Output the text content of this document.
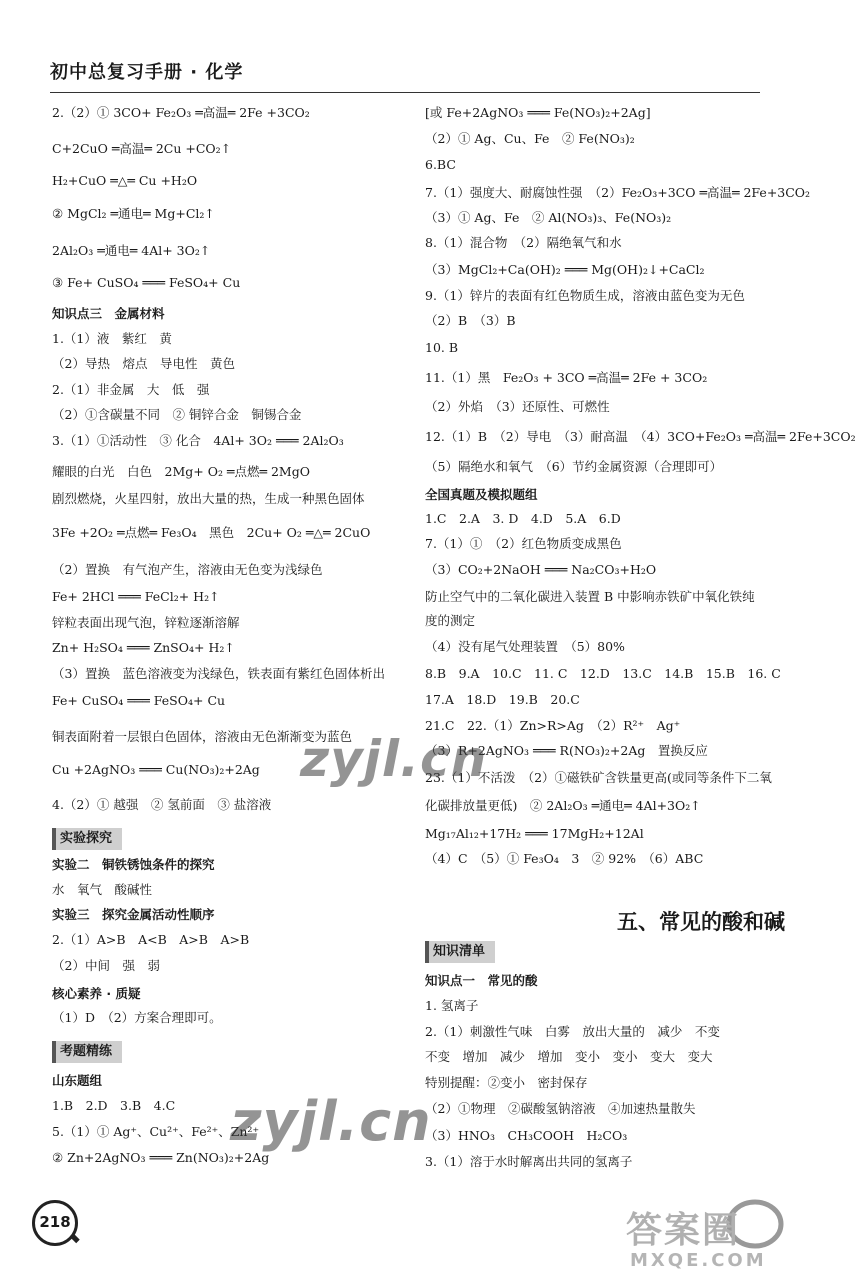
初中总复习手册 · 化学
2.（2）① 3CO+ Fe₂O₃ ═高温═ 2Fe +3CO₂
C+2CuO ═高温═ 2Cu +CO₂↑
H₂+CuO ═△═ Cu +H₂O
② MgCl₂ ═通电═ Mg+Cl₂↑
2Al₂O₃ ═通电═ 4Al+ 3O₂↑
③ Fe+ CuSO₄ ═══ FeSO₄+ Cu
知识点三　金属材料
1.（1）液　紫红　黄
（2）导热　熔点　导电性　黄色
2.（1）非金属　大　低　强
（2）①含碳量不同　② 铜锌合金　铜锡合金
3.（1）①活动性　③ 化合　4Al+ 3O₂ ═══ 2Al₂O₃
耀眼的白光　白色　2Mg+ O₂ ═点燃═ 2MgO
剧烈燃烧，火星四射，放出大量的热，生成一种黑色固体
3Fe +2O₂ ═点燃═ Fe₃O₄　黑色　2Cu+ O₂ ═△═ 2CuO
（2）置换　有气泡产生，溶液由无色变为浅绿色
Fe+ 2HCl ═══ FeCl₂+ H₂↑
锌粒表面出现气泡，锌粒逐渐溶解
Zn+ H₂SO₄ ═══ ZnSO₄+ H₂↑
（3）置换　蓝色溶液变为浅绿色，铁表面有紫红色固体析出
Fe+ CuSO₄ ═══ FeSO₄+ Cu
铜表面附着一层银白色固体，溶液由无色渐渐变为蓝色
Cu +2AgNO₃ ═══ Cu(NO₃)₂+2Ag
4.（2）① 越强　② 氢前面　③ 盐溶液
实验探究
实验二　铜铁锈蚀条件的探究
水　氧气　酸碱性
实验三　探究金属活动性顺序
2.（1）A>B　A<B　A>B　A>B
（2）中间　强　弱
核心素养 · 质疑
（1）D　（2）方案合理即可。
考题精练
山东题组
1.B　2.D　3.B　4.C
5.（1）① Ag⁺、Cu²⁺、Fe²⁺、Zn²⁺
② Zn+2AgNO₃ ═══ Zn(NO₃)₂+2Ag
[或 Fe+2AgNO₃ ═══ Fe(NO₃)₂+2Ag]
（2）① Ag、Cu、Fe　② Fe(NO₃)₂
6.BC
7.（1）强度大、耐腐蚀性强　（2）Fe₂O₃+3CO ═高温═ 2Fe+3CO₂
（3）① Ag、Fe　② Al(NO₃)₃、Fe(NO₃)₂
8.（1）混合物　（2）隔绝氧气和水
（3）MgCl₂+Ca(OH)₂ ═══ Mg(OH)₂↓+CaCl₂
9.（1）锌片的表面有红色物质生成，溶液由蓝色变为无色
（2）B　（3）B
10. B
11.（1）黑　Fe₂O₃ + 3CO ═高温═ 2Fe + 3CO₂
（2）外焰　（3）还原性、可燃性
12.（1）B　（2）导电　（3）耐高温　（4）3CO+Fe₂O₃ ═高温═ 2Fe+3CO₂
（5）隔绝水和氧气　（6）节约金属资源（合理即可）
全国真题及模拟题组
1.C　2.A　3. D　4.D　5.A　6.D
7.（1）①　（2）红色物质变成黑色
（3）CO₂+2NaOH ═══ Na₂CO₃+H₂O
防止空气中的二氧化碳进入装置 B 中影响赤铁矿中氧化铁纯
度的测定
（4）没有尾气处理装置　（5）80%
8.B　9.A　10.C　11. C　12.D　13.C　14.B　15.B　16. C
17.A　18.D　19.B　20.C
21.C　22.（1）Zn>R>Ag　（2）R²⁺　Ag⁺
（3）R+2AgNO₃ ═══ R(NO₃)₂+2Ag　置换反应
23.（1）不活泼　（2）①磁铁矿含铁量更高(或同等条件下二氧
化碳排放量更低)　② 2Al₂O₃ ═通电═ 4Al+3O₂↑
Mg₁₇Al₁₂+17H₂ ═══ 17MgH₂+12Al
（4）C　（5）① Fe₃O₄　3　② 92%　（6）ABC
五、常见的酸和碱
知识清单
知识点一　常见的酸
1. 氢离子
2.（1）刺激性气味　白雾　放出大量的　减少　不变
不变　增加　减少　增加　变小　变小　变大　变大
特别提醒：②变小　密封保存
（2）①物理　②碳酸氢钠溶液　④加速热量散失
（3）HNO₃　CH₃COOH　H₂CO₃
3.（1）溶于水时解离出共同的氢离子
218
zyjl.cn
zyjl.cn
答案圈
MXQE.COM
